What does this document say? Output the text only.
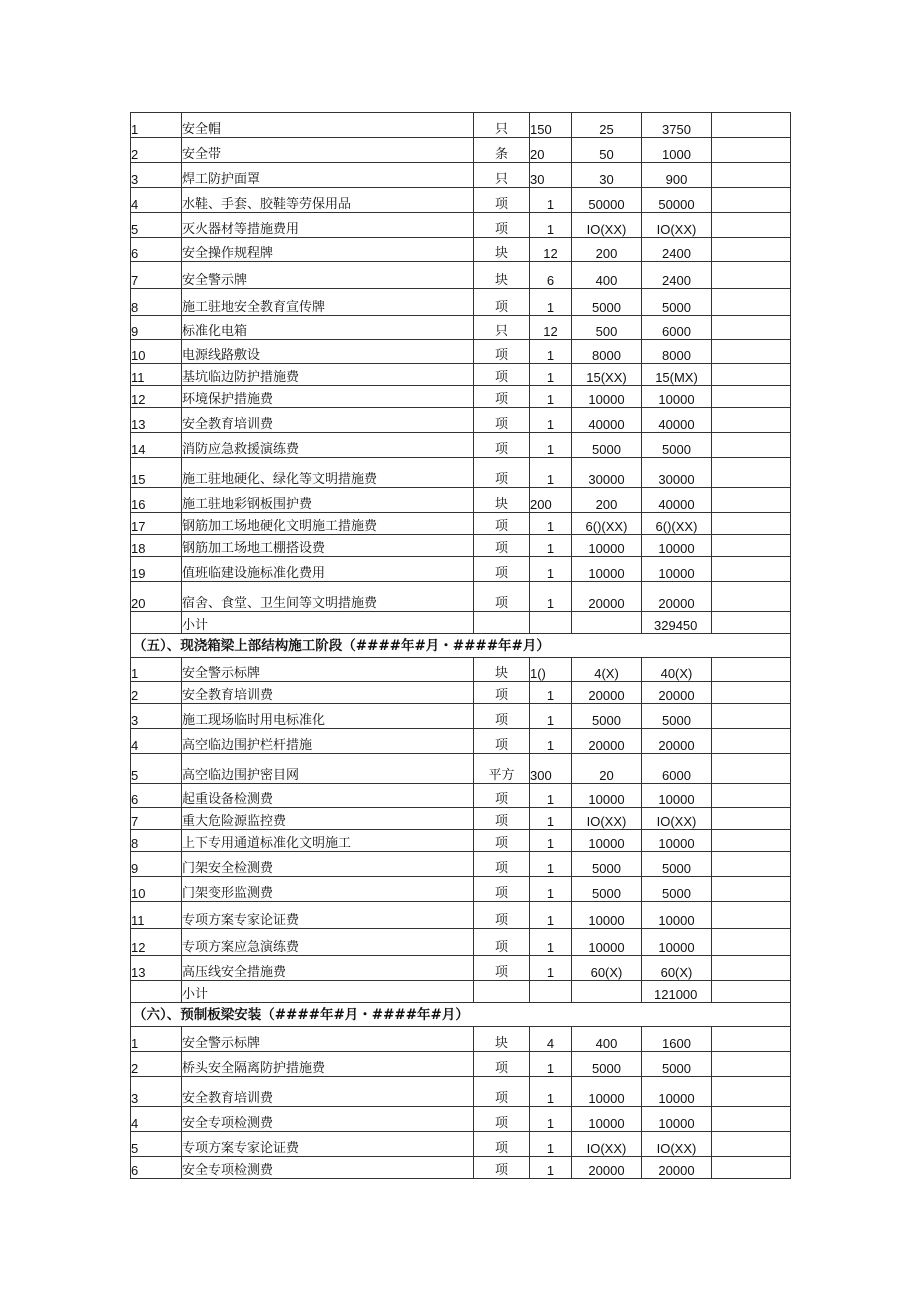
1	安全帽	只	150	25	3750	
2	安全带	条	20	50	1000	
3	焊工防护面罩	只	30	30	900	
4	水鞋、手套、胶鞋等劳保用品	项	1	50000	50000	
5	灭火器材等措施费用	项	1	IO(XX)	IO(XX)	
6	安全操作规程牌	块	12	200	2400	
7	安全警示牌	块	6	400	2400	
8	施工驻地安全教育宣传牌	项	1	5000	5000	
9	标准化电箱	只	12	500	6000	
10	电源线路敷设	项	1	8000	8000	
11	基坑临边防护措施费	项	1	15(XX)	15(MX)	
12	环境保护措施费	项	1	10000	10000	
13	安全教育培训费	项	1	40000	40000	
14	消防应急救援演练费	项	1	5000	5000	
15	施工驻地硬化、绿化等文明措施费	项	1	30000	30000	
16	施工驻地彩钢板围护费	块	200	200	40000	
17	钢筋加工场地硬化文明施工措施费	项	1	6()(XX)	6()(XX)	
18	钢筋加工场地工棚搭设费	项	1	10000	10000	
19	值班临建设施标准化费用	项	1	10000	10000	
20	宿舍、食堂、卫生间等文明措施费	项	1	20000	20000	
	小计				329450	
（五）、现浇箱梁上部结构施工阶段（####年#月・####年#月）						
1	安全警示标牌	块	1()	4(X)	40(X)	
2	安全教育培训费	项	1	20000	20000	
3	施工现场临时用电标准化	项	1	5000	5000	
4	高空临边围护栏杆措施	项	1	20000	20000	
5	高空临边围护密目网	平方	300	20	6000	
6	起重设备检测费	项	1	10000	10000	
7	重大危险源监控费	项	1	IO(XX)	IO(XX)	
8	上下专用通道标准化文明施工	项	1	10000	10000	
9	门架安全检测费	项	1	5000	5000	
10	门架变形监测费	项	1	5000	5000	
11	专项方案专家论证费	项	1	10000	10000	
12	专项方案应急演练费	项	1	10000	10000	
13	高压线安全措施费	项	1	60(X)	60(X)	
	小计				121000	
（六）、预制板梁安装（####年#月・####年#月）						
1	安全警示标牌	块	4	400	1600	
2	桥头安全隔离防护措施费	项	1	5000	5000	
3	安全教育培训费	项	1	10000	10000	
4	安全专项检测费	项	1	10000	10000	
5	专项方案专家论证费	项	1	IO(XX)	IO(XX)	
6	安全专项检测费	项	1	20000	20000	
